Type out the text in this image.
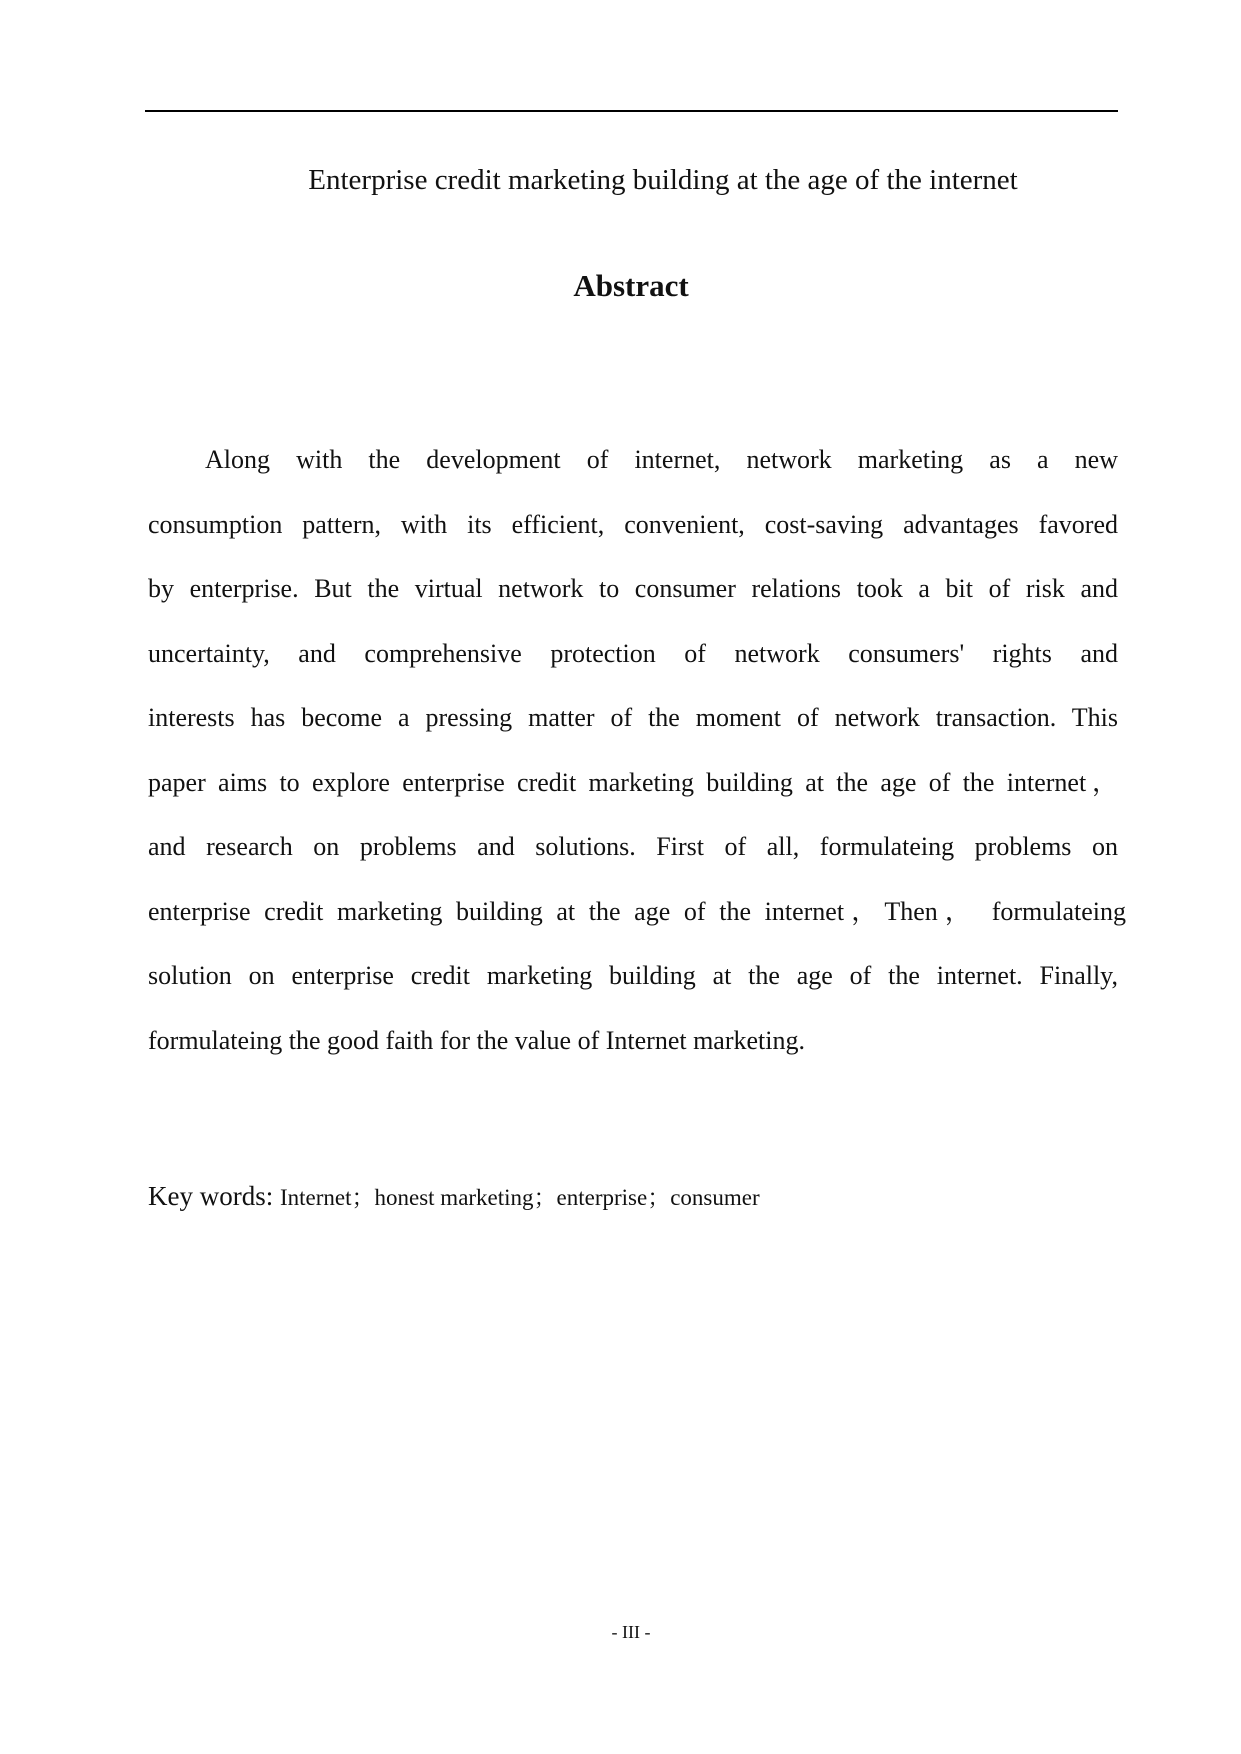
Enterprise credit marketing building at the age of the internet
Abstract
Along with the development of internet, network marketing as a new
consumption pattern, with its efficient, convenient, cost-saving advantages favored
by enterprise. But the virtual network to consumer relations took a bit of risk and
uncertainty, and comprehensive protection of network consumers' rights and
interests has become a pressing matter of the moment of network transaction. This
paper aims to explore enterprise credit marketing building at the age of the internet，
and research on problems and solutions. First of all, formulateing problems on
enterprise credit marketing building at the age of the internet，Then， formulateing
solution on enterprise credit marketing building at the age of the internet. Finally,
formulateing the good faith for the value of Internet marketing.
Key words: Internet；honest marketing；enterprise；consumer
- III -
